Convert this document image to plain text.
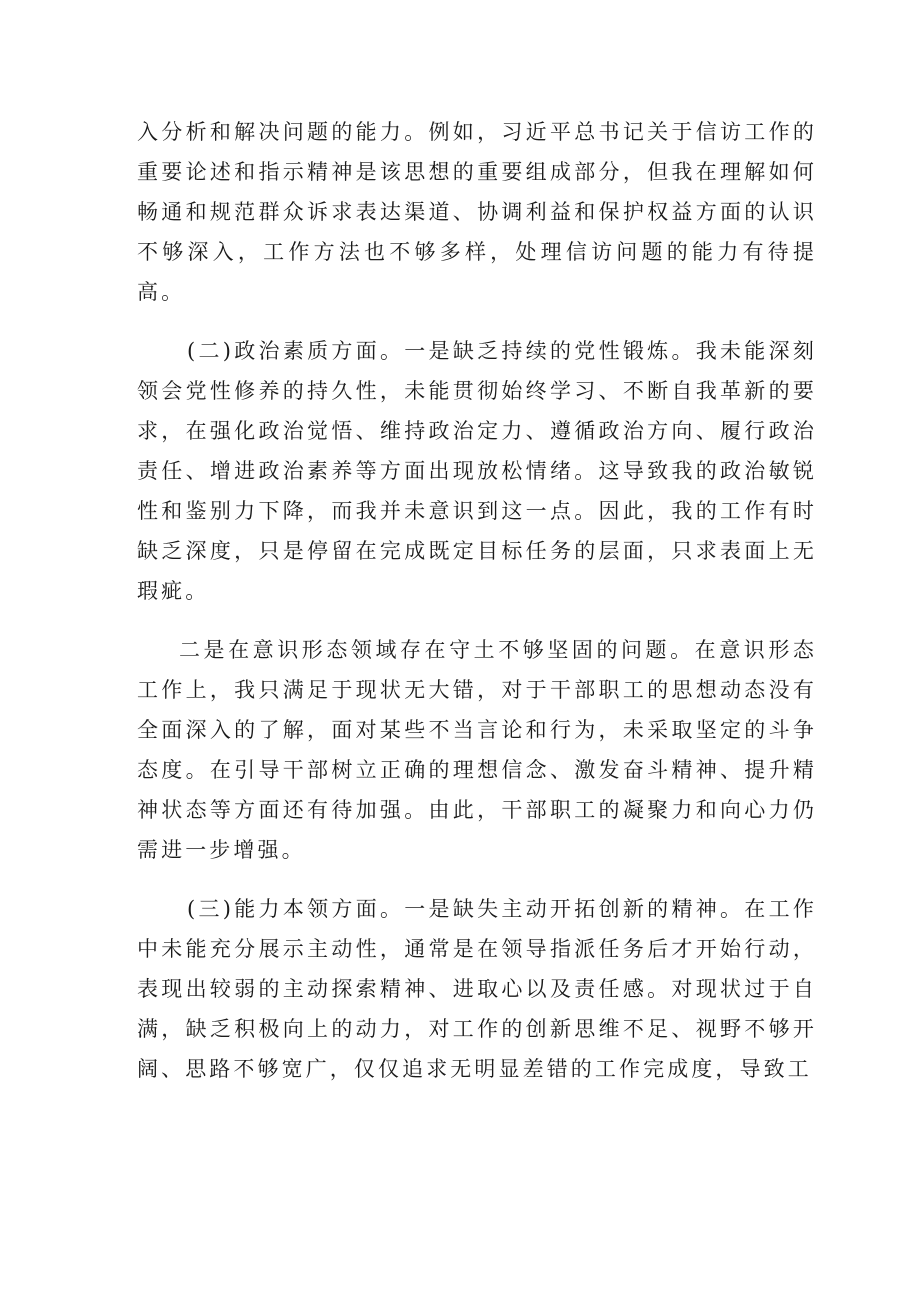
入分析和解决问题的能力。例如，习近平总书记关于信访工作的重要论述和指示精神是该思想的重要组成部分，但我在理解如何畅通和规范群众诉求表达渠道、协调利益和保护权益方面的认识不够深入，工作方法也不够多样，处理信访问题的能力有待提高。

(二)政治素质方面。一是缺乏持续的党性锻炼。我未能深刻领会党性修养的持久性，未能贯彻始终学习、不断自我革新的要求，在强化政治觉悟、维持政治定力、遵循政治方向、履行政治责任、增进政治素养等方面出现放松情绪。这导致我的政治敏锐性和鉴别力下降，而我并未意识到这一点。因此，我的工作有时缺乏深度，只是停留在完成既定目标任务的层面，只求表面上无瑕疵。

二是在意识形态领域存在守土不够坚固的问题。在意识形态工作上，我只满足于现状无大错，对于干部职工的思想动态没有全面深入的了解，面对某些不当言论和行为，未采取坚定的斗争态度。在引导干部树立正确的理想信念、激发奋斗精神、提升精神状态等方面还有待加强。由此，干部职工的凝聚力和向心力仍需进一步增强。

(三)能力本领方面。一是缺失主动开拓创新的精神。在工作中未能充分展示主动性，通常是在领导指派任务后才开始行动，表现出较弱的主动探索精神、进取心以及责任感。对现状过于自满，缺乏积极向上的动力，对工作的创新思维不足、视野不够开阔、思路不够宽广，仅仅追求无明显差错的工作完成度，导致工
